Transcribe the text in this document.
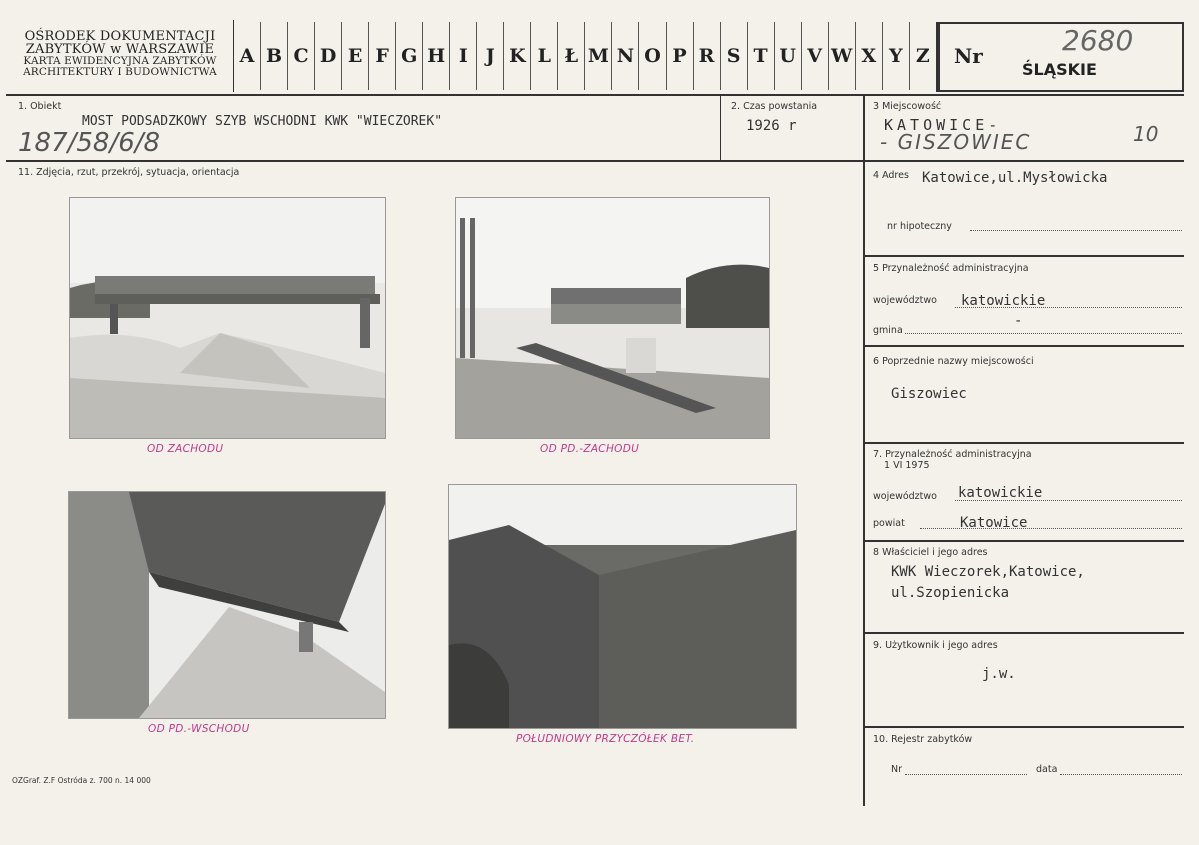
OŚRODEK DOKUMENTACJI
ZABYTKÓW w WARSZAWIE
KARTA EWIDENCYJNA ZABYTKÓW
ARCHITEKTURY I BUDOWNICTWA
A B C D E F G H I J K L Ł M N O P R S T U V W X Y Z	Nr	2680
ŚLĄSKIE
1. Obiekt
MOST PODSADZKOWY SZYB WSCHODNI KWK "WIECZOREK"
187/58/6/8
2. Czas powstania
1926 r
3 Miejscowość
KATOWICE-
- GISZOWIEC	10
11. Zdjęcia, rzut, przekrój, sytuacja, orientacja
OD ZACHODU	OD PD.-ZACHODU
OD PD.-WSCHODU
POŁUDNIOWY PRZYCZÓŁEK BET.
OZGraf. Z.F Ostróda z. 700 n. 14 000
4 Adres Katowice,ul.Mysłowicka
nr hipoteczny
5 Przynależność administracyjna
województwo katowickie
gmina
-
6 Poprzednie nazwy miejscowości
Giszowiec
7. Przynależność administracyjna
1 VI 1975
województwo katowickie
powiat	Katowice
8 Właściciel i jego adres
KWK Wieczorek,Katowice,
ul.Szopienicka
9. Użytkownik i jego adres
j.w.
10. Rejestr zabytków
Nr	data
